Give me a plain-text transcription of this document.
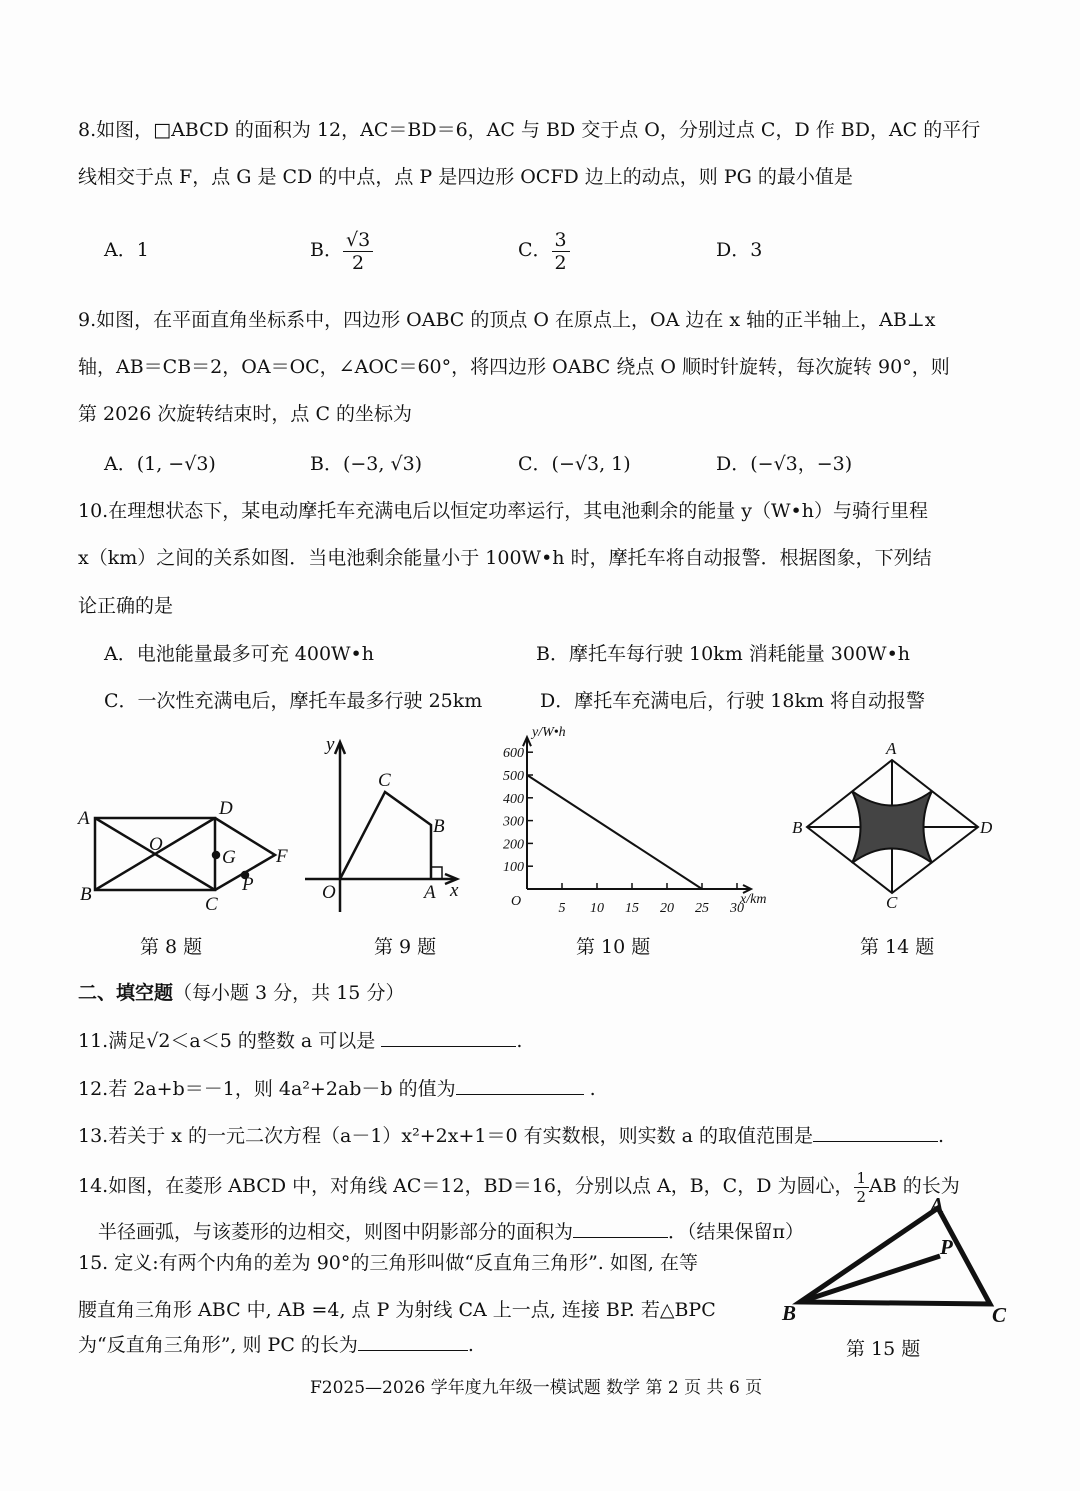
8.如图，□ABCD 的面积为 12，AC＝BD＝6，AC 与 BD 交于点 O，分别过点 C，D 作 BD，AC 的平行
线相交于点 F，点 G 是 CD 的中点，点 P 是四边形 OCFD 边上的动点，则 PG 的最小值是
A．1	B． $\frac{√3}{2}$	C． $\frac{3}{2}$	D．3
9.如图，在平面直角坐标系中，四边形 OABC 的顶点 O 在原点上，OA 边在 x 轴的正半轴上，AB⊥x
轴，AB＝CB＝2，OA＝OC，∠AOC＝60°，将四边形 OABC 绕点 O 顺时针旋转，每次旋转 90°，则
第 2026 次旋转结束时，点 C 的坐标为
A．(1, −√3)	B．(−3, √3)	C．(−√3, 1)	D．(−√3，−3)
10.在理想状态下，某电动摩托车充满电后以恒定功率运行，其电池剩余的能量 y（W•h）与骑行里程
x（km）之间的关系如图．当电池剩余能量小于 100W•h 时，摩托车将自动报警．根据图象，下列结
论正确的是
A．电池能量最多可充 400W•h	B．摩托车每行驶 10km 消耗能量 300W•h
C．一次性充满电后，摩托车最多行驶 25km	D．摩托车充满电后，行驶 18km 将自动报警
A
B	C
D
O
G F
P
y
x
O	A
B
C
y/W•h
x/km
O	5 10 15 20 25 30
100
200
300
400
500
600	A
B
C
D
第 8 题	第 9 题	第 10 题	第 14 题
二、填空题（每小题 3 分，共 15 分）
11.满足√2＜a＜5 的整数 a 可以是	.
12.若 2a+b＝－1，则 4a²+2ab－b 的值为	.
13.若关于 x 的一元二次方程（a－1）x²+2x+1＝0 有实数根，则实数 a 的取值范围是	.
14.如图，在菱形 ABCD 中，对角线 AC＝12，BD＝16，分别以点 A，B，C，D 为圆心， $\frac{1}{2}$ AB 的长为
半径画弧，与该菱形的边相交，则图中阴影部分的面积为	．（结果保留π）
15. 定义:有两个内角的差为 90°的三角形叫做“反直角三角形”. 如图, 在等
腰直角三角形 ABC 中, AB =4, 点 P 为射线 CA 上一点, 连接 BP. 若△BPC
为“反直角三角形”, 则 PC 的长为	.
A
B	C
P
第 15 题
F2025—2026 学年度九年级一模试题 数学 第 2 页 共 6 页
